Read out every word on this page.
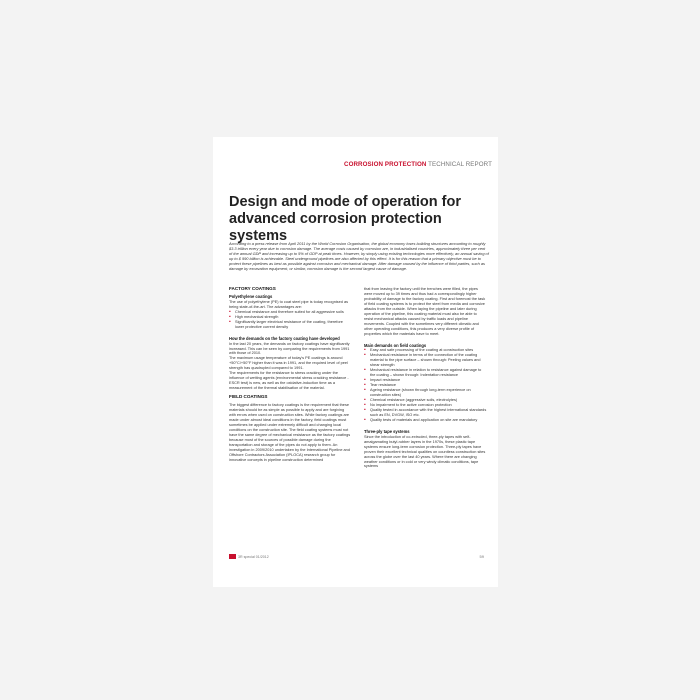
CORROSION PROTECTION TECHNICAL REPORT
Design and mode of operation for advanced corrosion protection systems
According to a press release from April 2011 by the World Corrosion Organisation, the global economy loses building structures amounting to roughly $3.3 trillion every year due to corrosion damage. The average costs caused by corrosion are, in industrialised countries, approximately three per cent of the annual GDP and increasing up to 5% of GDP at peak times. However, by simply using existing technologies more effectively, an annual saving of up to $ 990 billion is achievable. Steel underground pipelines are also affected by this effect. It is for this reason that a primary objective must be to protect these pipelines as best as possible against corrosion and mechanical damage. After damage caused by the influence of third parties, such as damage by excavation equipment, or similar, corrosion damage is the second largest cause of damage.
FACTORY COATINGS
Polyethylene coatings

The use of polyethylene (PE) to coat steel pipe is today recognised as being state-of-the-art. The advantages are:

■ Chemical resistance and therefore suited for all aggressive soils
■ High mechanical strength
■ Significantly larger electrical resistance of the coating, therefore lower protective current density
How the demands on the factory coating have developed

In the last 20 years, the demands on factory coatings have significantly increased. This can be seen by comparing the requirements from 1991 with those of 2010.

The maximum usage temperature of today's PE coatings is around +50°C/+50°F higher than it was in 1991, and the required level of peel strength has quadrupled compared to 1991.

The requirements for the resistance to stress cracking under the influence of wetting agents (environmental stress cracking resistance - ESCR test) is new, as well as the oxidative-induction time as a measurement of the thermal stabilisation of the material.

FIELD COATINGS

The biggest difference to factory coatings is the requirement that these materials should be as simple as possible to apply and are forgiving with errors when used on construction sites. While factory coatings are made under almost ideal conditions in the factory, field coatings must sometimes be applied under extremely difficult and changing local conditions on the construction site. The field coating systems must not have the same degree of mechanical resistance as the factory coatings because most of the sources of possible damage during the transportation and storage of the pipes do not apply to them. An investigation in 2009/2010 undertaken by the International Pipeline and Offshore Contractors Association (IPLOCA) research group for innovative concepts in pipeline construction determined

that from leaving the factory until the trenches were filled, the pipes were moved up to 39 times and thus had a correspondingly higher probability of damage to the factory coating. First and foremost the task of field coating systems is to protect the steel from media and corrosive attacks from the outside. When laying the pipeline and later during operation of the pipeline, this coating material must also be able to resist mechanical attacks caused by traffic loads and pipeline movements. Coupled with the sometimes very different climatic and other operating conditions, this produces a very diverse profile of properties which the materials have to meet.

Main demands on field coatings
■ Easy and safe processing of the coating at construction sites
■ Mechanical resistance in terms of the connection of the coating material to the pipe surface – shown through: Peeling values and shear strength
■ Mechanical resistance in relation to resistance against damage to the coating – shown through: Indentation resistance
■ Impact resistance
■ Tear resistance
■ Ageing resistance (shown through long-term experience on construction sites)
■ Chemical resistance (aggressive soils, electrolytes)
■ No impairment to the active corrosion protection
■ Quality tested in accordance with the highest international standards such as EN, DVGW, ISO etc.
■ Quality tests of materials and application on site are mandatory
Three-ply tape systems

Since the introduction of co-extruded, three-ply tapes with self-amalgamating butyl-rubber layers in the 1970s, these plastic tape systems ensure long-term corrosion protection. Three-ply tapes have proven their excellent technical qualities on countless construction sites across the globe over the last 40 years. Where there are changing weather conditions or in cold or very windy climatic conditions, tape systems

3R special 01/2012	59
